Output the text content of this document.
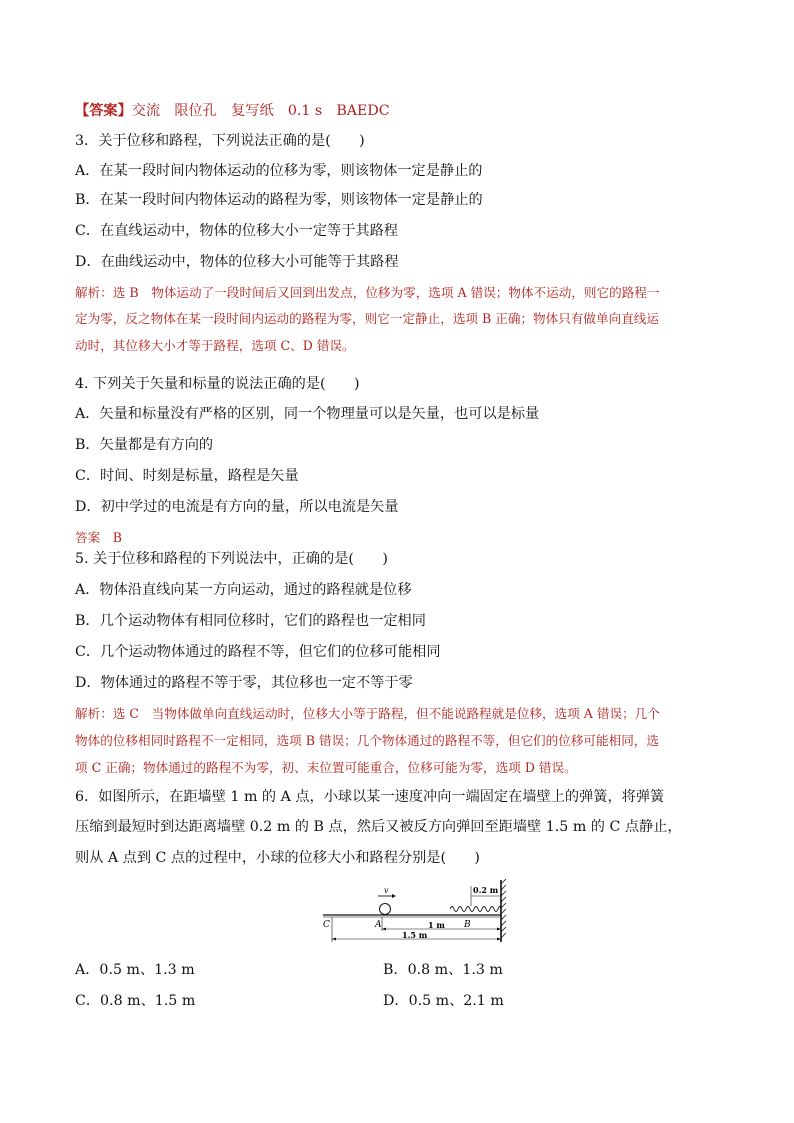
【答案】交流　限位孔　复写纸　0.1 s　BAEDC
3．关于位移和路程，下列说法正确的是(　　)
A．在某一段时间内物体运动的位移为零，则该物体一定是静止的
B．在某一段时间内物体运动的路程为零，则该物体一定是静止的
C．在直线运动中，物体的位移大小一定等于其路程
D．在曲线运动中，物体的位移大小可能等于其路程
解析：选 B　物体运动了一段时间后又回到出发点，位移为零，选项 A 错误；物体不运动，则它的路程一
定为零，反之物体在某一段时间内运动的路程为零，则它一定静止，选项 B 正确；物体只有做单向直线运
动时，其位移大小才等于路程，选项 C、D 错误。
4. 下列关于矢量和标量的说法正确的是(　　)
A．矢量和标量没有严格的区别，同一个物理量可以是矢量，也可以是标量
B．矢量都是有方向的
C．时间、时刻是标量，路程是矢量
D．初中学过的电流是有方向的量，所以电流是矢量
答案　B
5. 关于位移和路程的下列说法中，正确的是(　　)
A．物体沿直线向某一方向运动，通过的路程就是位移
B．几个运动物体有相同位移时，它们的路程也一定相同
C．几个运动物体通过的路程不等，但它们的位移可能相同
D．物体通过的路程不等于零，其位移也一定不等于零
解析：选 C　当物体做单向直线运动时，位移大小等于路程，但不能说路程就是位移，选项 A 错误；几个
物体的位移相同时路程不一定相同，选项 B 错误；几个物体通过的路程不等，但它们的位移可能相同，选
项 C 正确；物体通过的路程不为零，初、末位置可能重合，位移可能为零，选项 D 错误。
6．如图所示，在距墙壁 1 m 的 A 点，小球以某一速度冲向一端固定在墙壁上的弹簧，将弹簧
压缩到最短时到达距离墙壁 0.2 m 的 B 点，然后又被反方向弹回至距墙壁 1.5 m 的 C 点静止，
则从 A 点到 C 点的过程中，小球的位移大小和路程分别是(　　)
v	0.2 m
C	A	B
1 m
1.5 m
A．0.5 m、1.3 m	B．0.8 m、1.3 m
C．0.8 m、1.5 m	D．0.5 m、2.1 m
